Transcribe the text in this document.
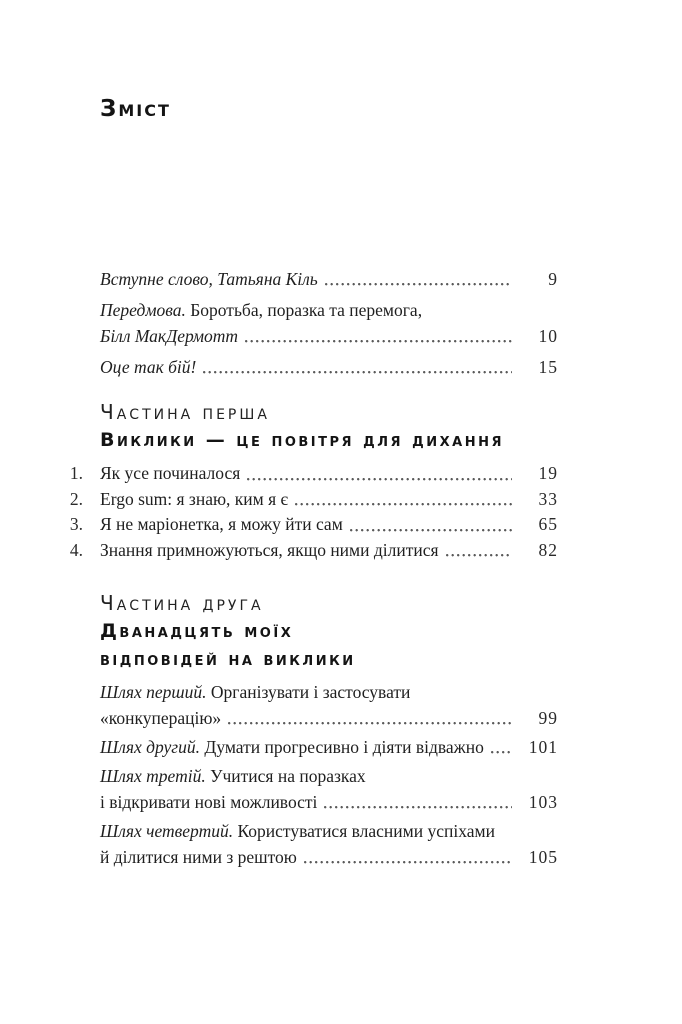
Зміст
Вступне слово, Татьяна Кіль	9
Передмова. Боротьба, поразка та перемога,
Білл МакДермотт	10
Оце так бій!	15
Частина перша
Виклики — це повітря для дихання
1. Як усе починалося	19
2. Ergo sum: я знаю, ким я є	33
3. Я не маріонетка, я можу йти сам	65
4. Знання примножуються, якщо ними ділитися	82
Частина друга
Дванадцять моїх
відповідей на виклики
Шлях перший. Організувати і застосувати
«конкуперацію»	99
Шлях другий. Думати прогресивно і діяти відважно	101
Шлях третій. Учитися на поразках
і відкривати нові можливості	103
Шлях четвертий. Користуватися власними успіхами
й ділитися ними з рештою	105
